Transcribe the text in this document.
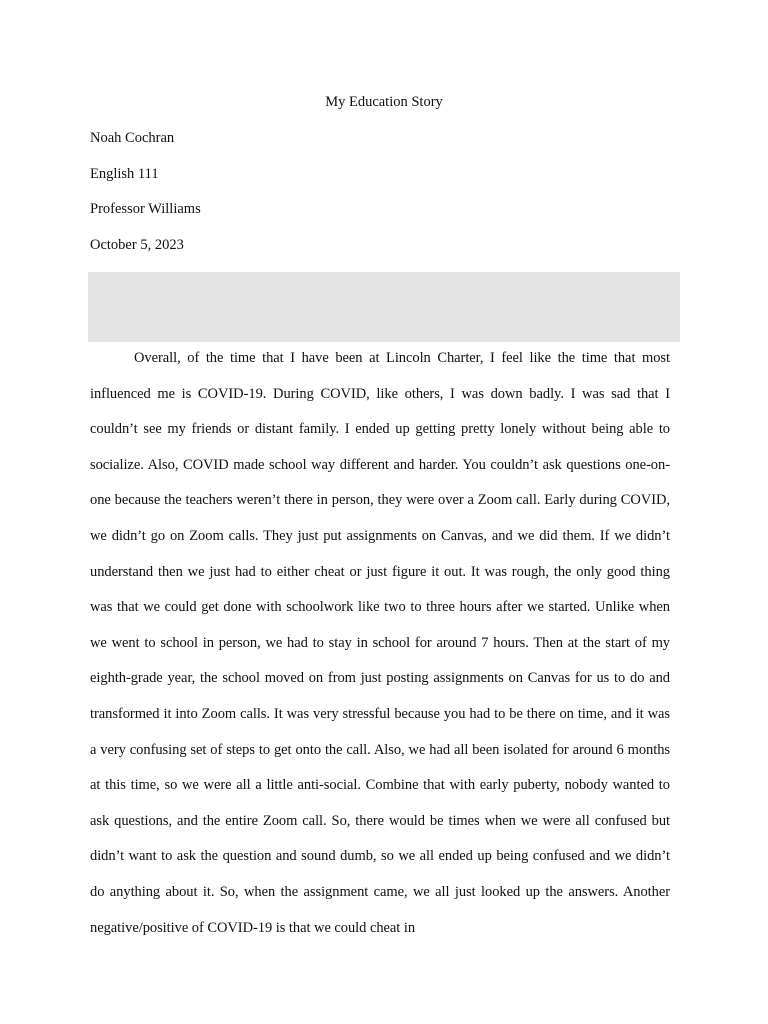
My Education Story

Noah Cochran

English 111

Professor Williams

October 5, 2023

Overall, of the time that I have been at Lincoln Charter, I feel like the time that most influenced me is COVID-19. During COVID, like others, I was down badly. I was sad that I couldn’t see my friends or distant family. I ended up getting pretty lonely without being able to socialize. Also, COVID made school way different and harder. You couldn’t ask questions one-on-one because the teachers weren’t there in person, they were over a Zoom call. Early during COVID, we didn’t go on Zoom calls. They just put assignments on Canvas, and we did them. If we didn’t understand then we just had to either cheat or just figure it out. It was rough, the only good thing was that we could get done with schoolwork like two to three hours after we started. Unlike when we went to school in person, we had to stay in school for around 7 hours. Then at the start of my eighth-grade year, the school moved on from just posting assignments on Canvas for us to do and transformed it into Zoom calls. It was very stressful because you had to be there on time, and it was a very confusing set of steps to get onto the call. Also, we had all been isolated for around 6 months at this time, so we were all a little anti-social. Combine that with early puberty, nobody wanted to ask questions, and the entire Zoom call. So, there would be times when we were all confused but didn’t want to ask the question and sound dumb, so we all ended up being confused and we didn’t do anything about it. So, when the assignment came, we all just looked up the answers. Another negative/positive of COVID-19 is that we could cheat in
